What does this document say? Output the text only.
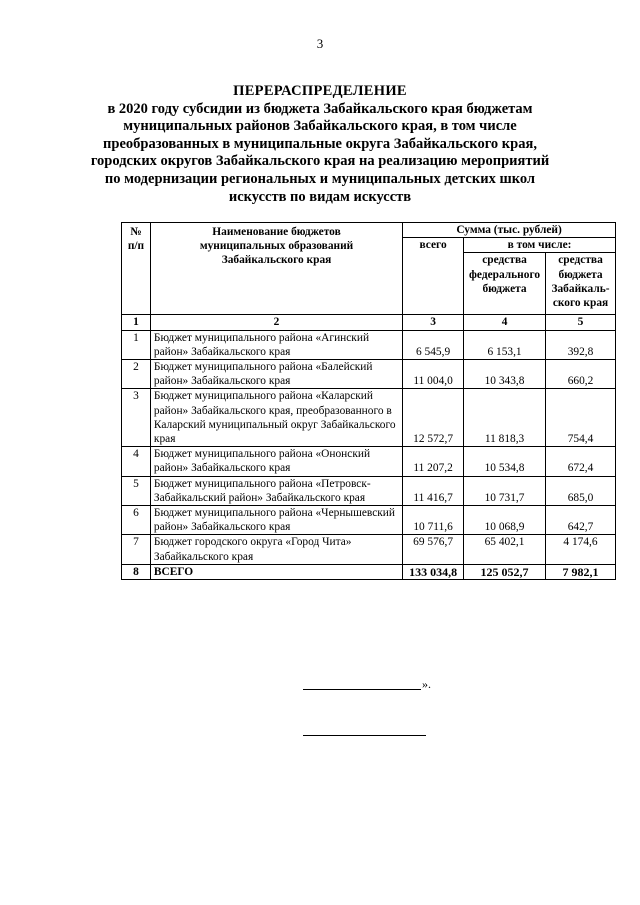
3
ПЕРЕРАСПРЕДЕЛЕНИЕ
в 2020 году субсидии из бюджета Забайкальского края бюджетам
муниципальных районов Забайкальского края, в том числе
преобразованных в муниципальные округа Забайкальского края,
городских округов Забайкальского края на реализацию мероприятий
по модернизации региональных и муниципальных детских школ
искусств по видам искусств
№ п/п	Наименование бюджетов муниципальных образований Забайкальского края	Сумма (тыс. рублей)		
		всего	в том числе:	
			средства федерального бюджета	средства бюджета Забайкаль-ского края
1	2	3	4	5
1	Бюджет муниципального района «Агинский район» Забайкальского края	6 545,9	6 153,1	392,8
2	Бюджет муниципального района «Балейский район» Забайкальского края	11 004,0	10 343,8	660,2
3	Бюджет муниципального района «Каларский район» Забайкальского края, преобразованного в Каларский муниципальный округ Забайкальского края	12 572,7	11 818,3	754,4
4	Бюджет муниципального района «Ононский район» Забайкальского края	11 207,2	10 534,8	672,4
5	Бюджет муниципального района «Петровск-Забайкальский район» Забайкальского края	11 416,7	10 731,7	685,0
6	Бюджет муниципального района «Чернышевский район» Забайкальского края	10 711,6	10 068,9	642,7
7	Бюджет городского округа «Город Чита» Забайкальского края	69 576,7	65 402,1	4 174,6
8	ВСЕГО	133 034,8	125 052,7	7 982,1
».
